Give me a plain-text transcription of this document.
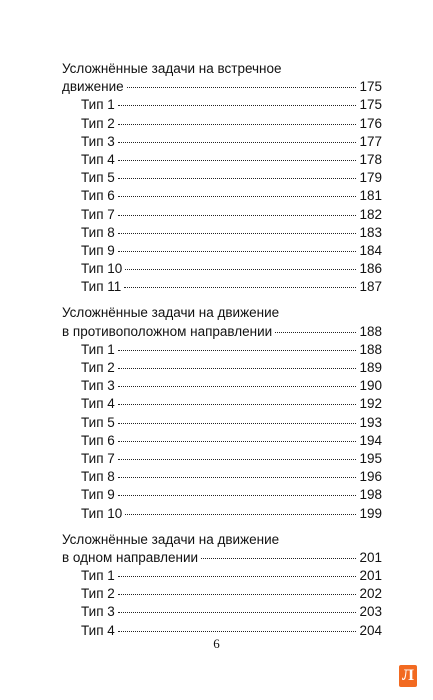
Усложнённые задачи на встречное
движение	175
Тип 1	175
Тип 2	176
Тип 3	177
Тип 4	178
Тип 5	179
Тип 6	181
Тип 7	182
Тип 8	183
Тип 9	184
Тип 10	186
Тип 11	187
Усложнённые задачи на движение
в противоположном направлении	188
Тип 1	188
Тип 2	189
Тип 3	190
Тип 4	192
Тип 5	193
Тип 6	194
Тип 7	195
Тип 8	196
Тип 9	198
Тип 10	199
Усложнённые задачи на движение
в одном направлении	201
Тип 1	201
Тип 2	202
Тип 3	203
Тип 4	204
6
Л
